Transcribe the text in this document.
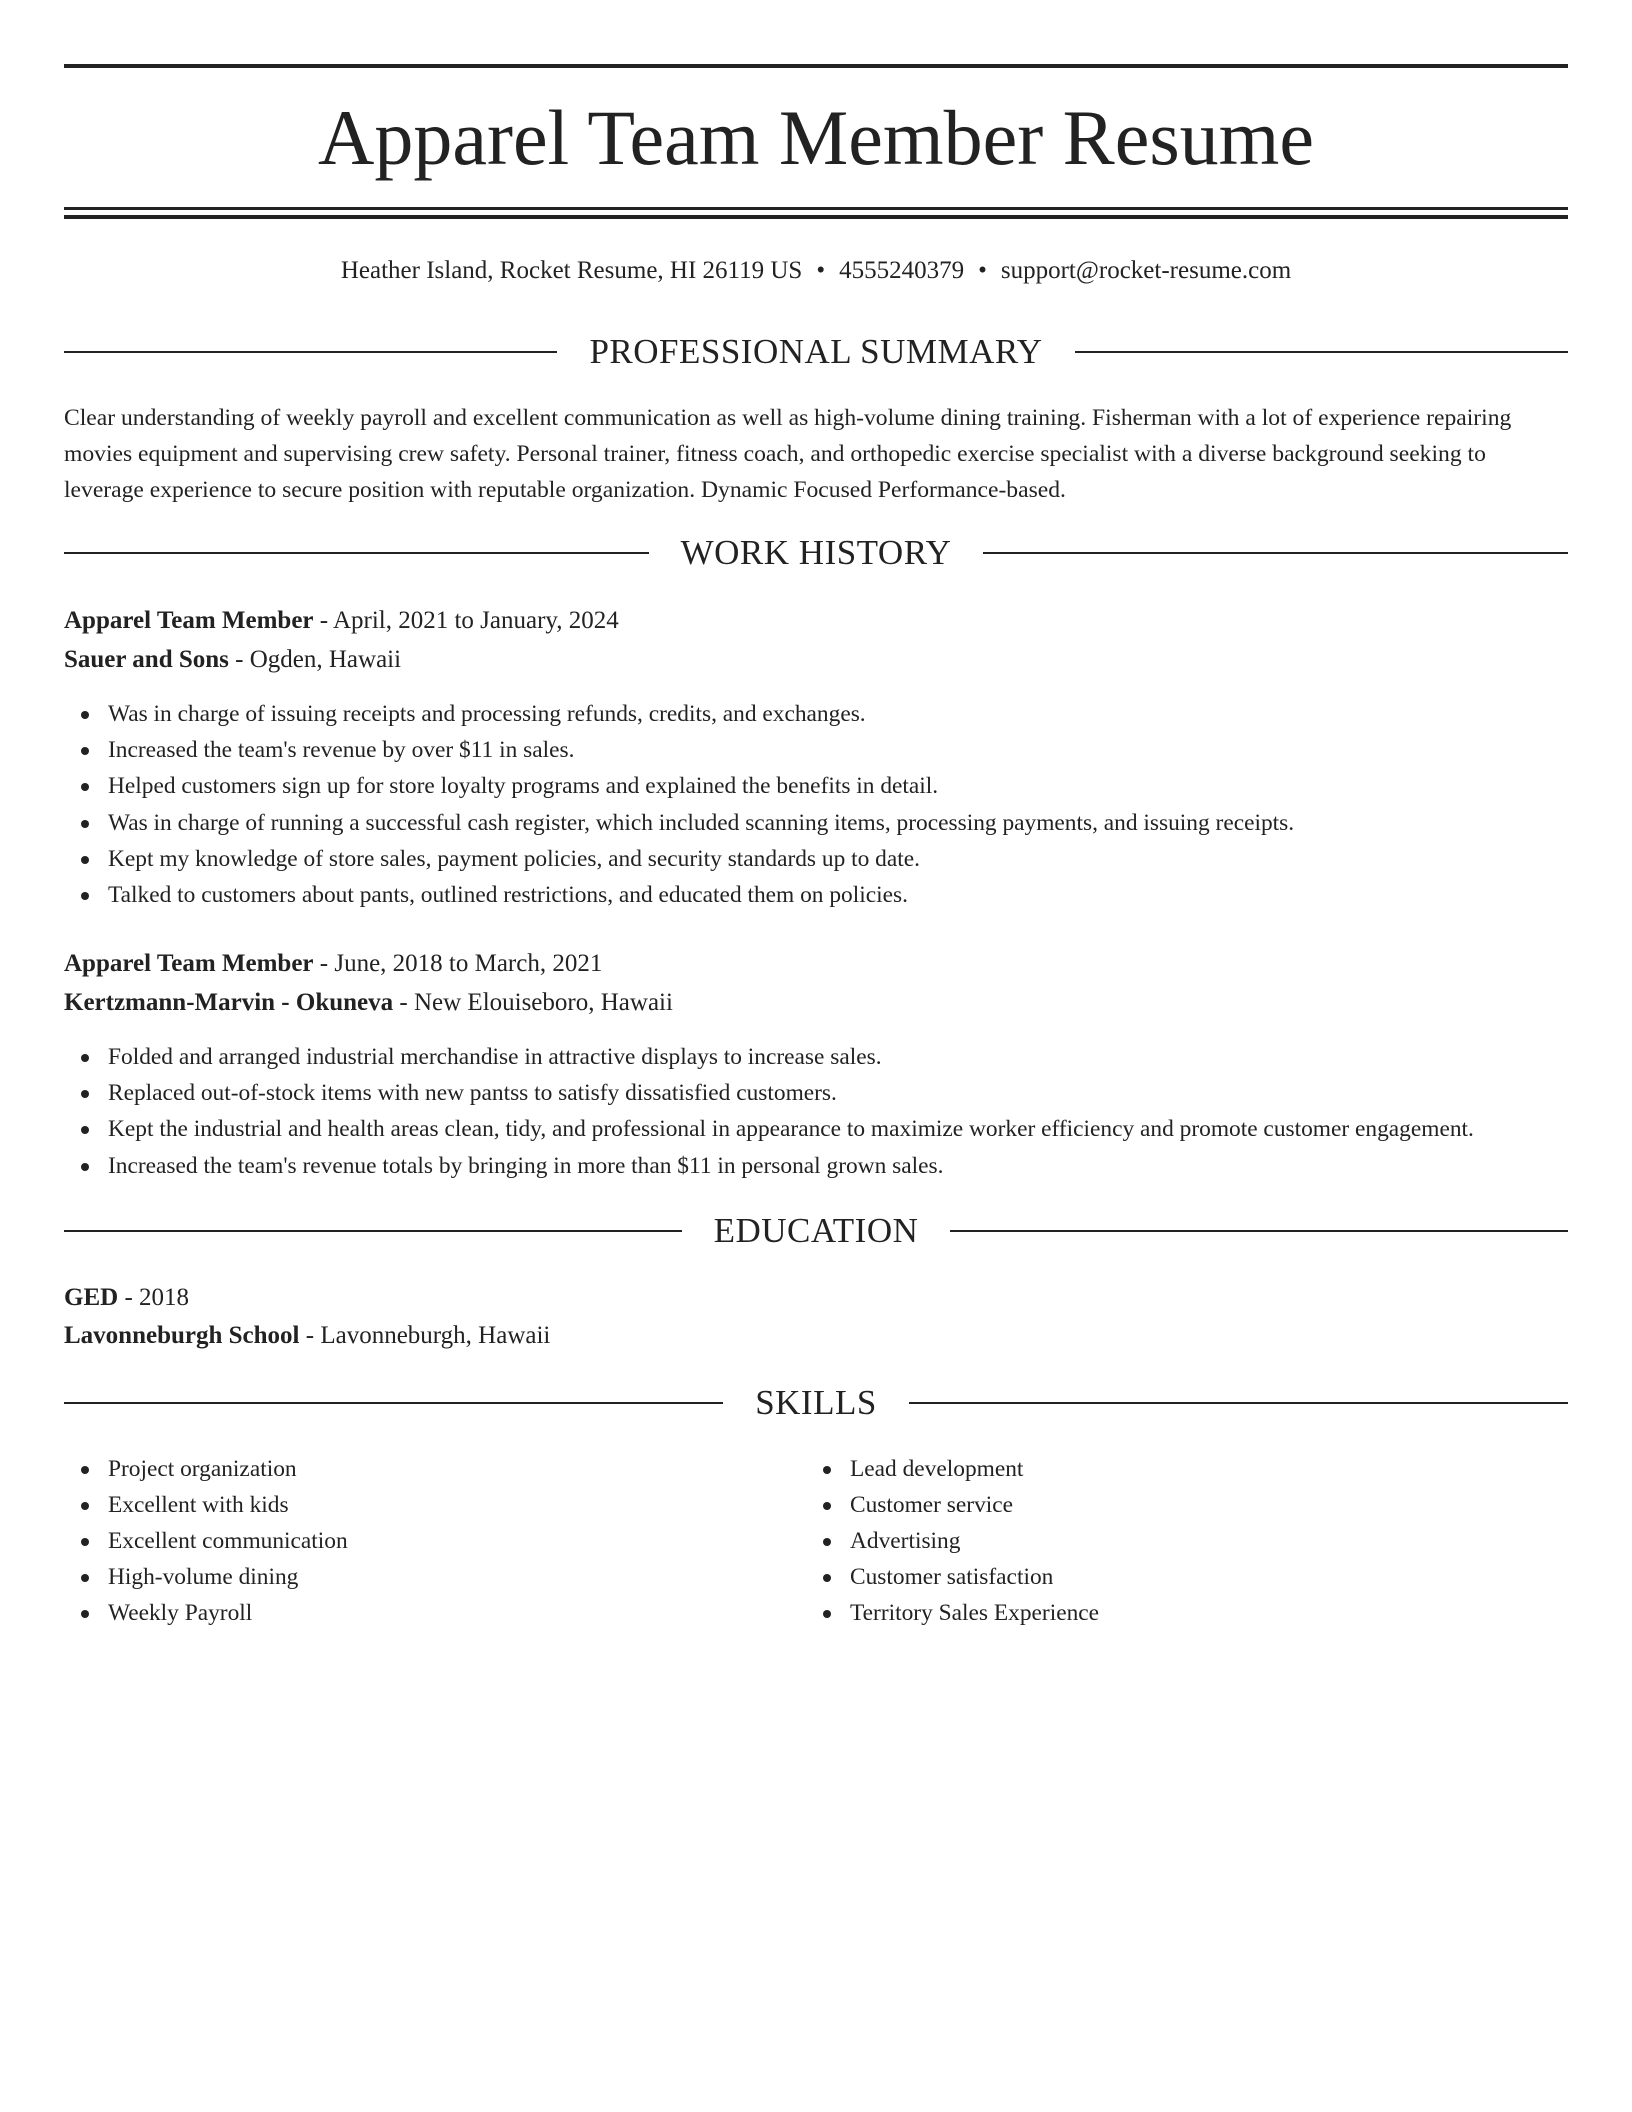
Apparel Team Member Resume
Heather Island, Rocket Resume, HI 26119 US • 4555240379 • support@rocket-resume.com
PROFESSIONAL SUMMARY

Clear understanding of weekly payroll and excellent communication as well as high-volume dining training. Fisherman with a lot of experience repairing movies equipment and supervising crew safety. Personal trainer, fitness coach, and orthopedic exercise specialist with a diverse background seeking to leverage experience to secure position with reputable organization. Dynamic Focused Performance-based.

WORK HISTORY
Apparel Team Member - April, 2021 to January, 2024
Sauer and Sons - Ogden, Hawaii
Was in charge of issuing receipts and processing refunds, credits, and exchanges.
Increased the team's revenue by over $11 in sales.
Helped customers sign up for store loyalty programs and explained the benefits in detail.
Was in charge of running a successful cash register, which included scanning items, processing payments, and issuing receipts.
Kept my knowledge of store sales, payment policies, and security standards up to date.
Talked to customers about pants, outlined restrictions, and educated them on policies.
Apparel Team Member - June, 2018 to March, 2021
Kertzmann-Marvin - Okuneva - New Elouiseboro, Hawaii
Folded and arranged industrial merchandise in attractive displays to increase sales.
Replaced out-of-stock items with new pantss to satisfy dissatisfied customers.
Kept the industrial and health areas clean, tidy, and professional in appearance to maximize worker efficiency and promote customer engagement.
Increased the team's revenue totals by bringing in more than $11 in personal grown sales.
EDUCATION
GED - 2018
Lavonneburgh School - Lavonneburgh, Hawaii
SKILLS
Project organization
Excellent with kids
Excellent communication
High-volume dining
Weekly Payroll
Lead development
Customer service
Advertising
Customer satisfaction
Territory Sales Experience
